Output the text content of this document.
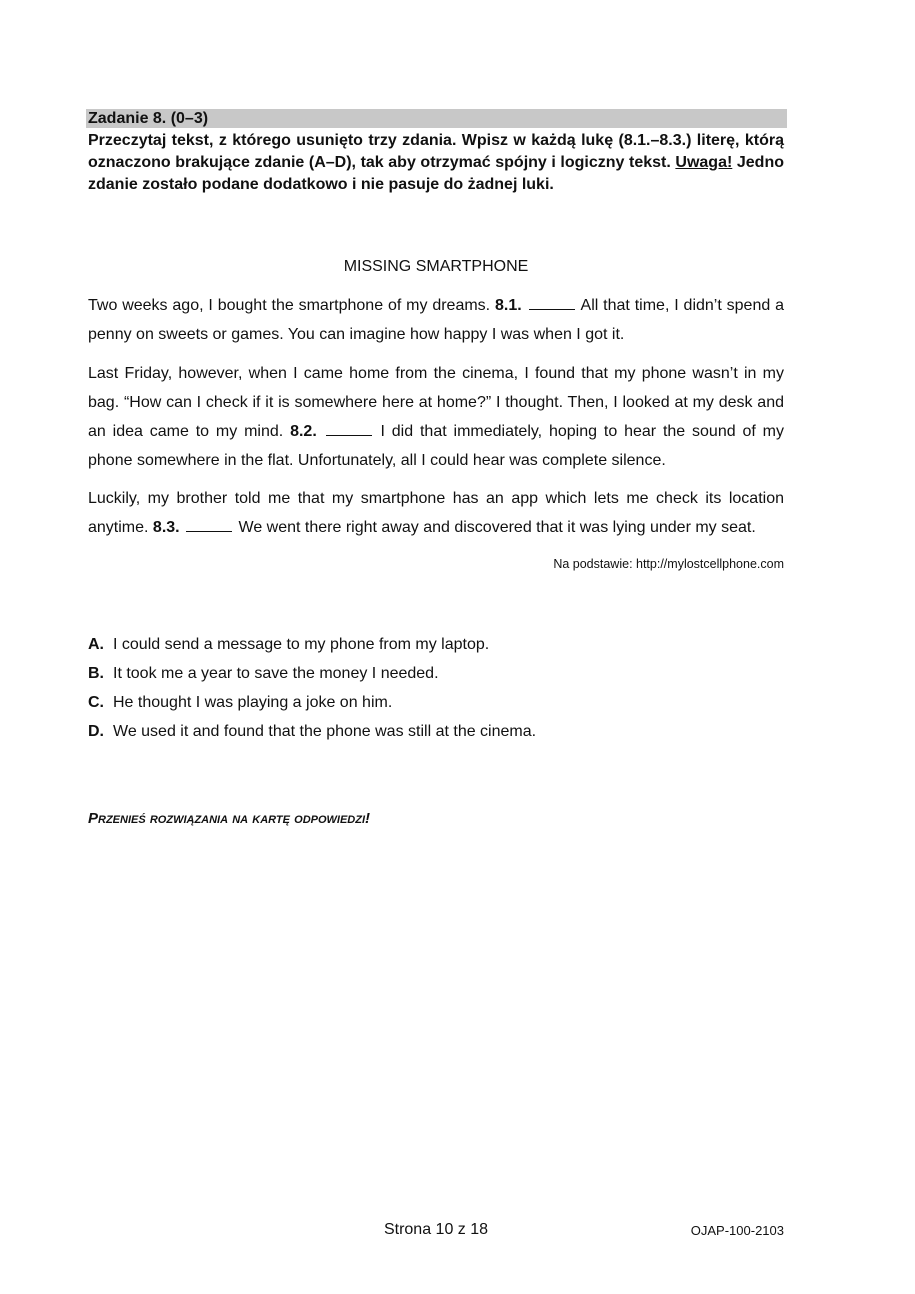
Zadanie 8. (0–3)

Przeczytaj tekst, z którego usunięto trzy zdania. Wpisz w każdą lukę (8.1.–8.3.) literę, którą oznaczono brakujące zdanie (A–D), tak aby otrzymać spójny i logiczny tekst. Uwaga! Jedno zdanie zostało podane dodatkowo i nie pasuje do żadnej luki.

MISSING SMARTPHONE

Two weeks ago, I bought the smartphone of my dreams. 8.1.	All that time, I didn’t spend a penny on sweets or games. You can imagine how happy I was when I got it.

Last Friday, however, when I came home from the cinema, I found that my phone wasn’t in my bag. “How can I check if it is somewhere here at home?” I thought. Then, I looked at my desk and an idea came to my mind. 8.2.	I did that immediately, hoping to hear the sound of my phone somewhere in the flat. Unfortunately, all I could hear was complete silence.

Luckily, my brother told me that my smartphone has an app which lets me check its location anytime. 8.3.	We went there right away and discovered that it was lying under my seat.

Na podstawie: http://mylostcellphone.com

A. I could send a message to my phone from my laptop.
B. It took me a year to save the money I needed.
C. He thought I was playing a joke on him.
D. We used it and found that the phone was still at the cinema.

Przenieś rozwiązania na kartę odpowiedzi!

Strona 10 z 18	OJAP-100-2103
